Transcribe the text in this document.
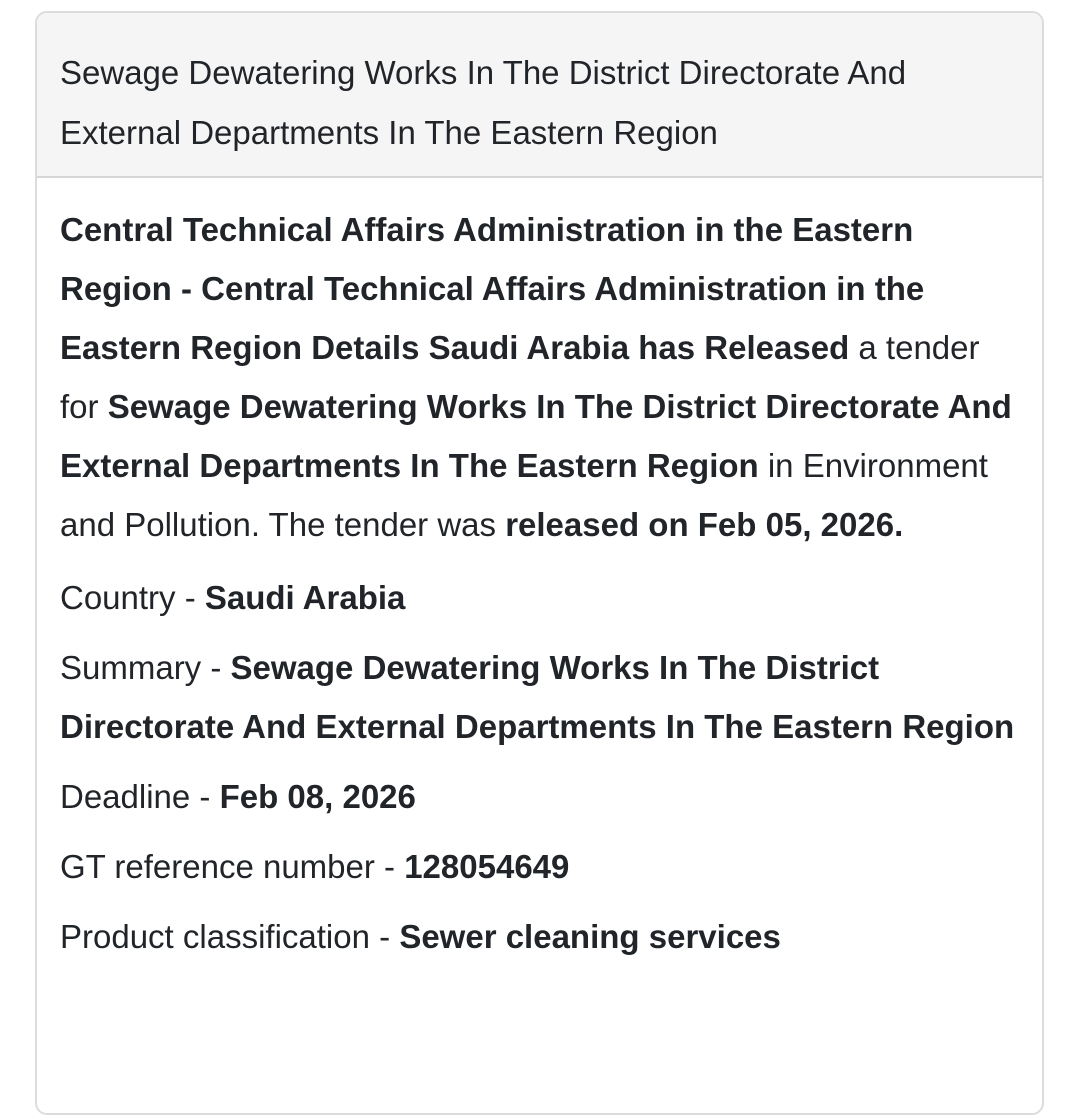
Sewage Dewatering Works In The District Directorate And External Departments In The Eastern Region

Central Technical Affairs Administration in the Eastern Region - Central Technical Affairs Administration in the Eastern Region Details Saudi Arabia has Released a tender for Sewage Dewatering Works In The District Directorate And External Departments In The Eastern Region in Environment and Pollution. The tender was released on Feb 05, 2026.

Country - Saudi Arabia
Summary - Sewage Dewatering Works In The District Directorate And External Departments In The Eastern Region
Deadline - Feb 08, 2026
GT reference number - 128054649
Product classification - Sewer cleaning services
